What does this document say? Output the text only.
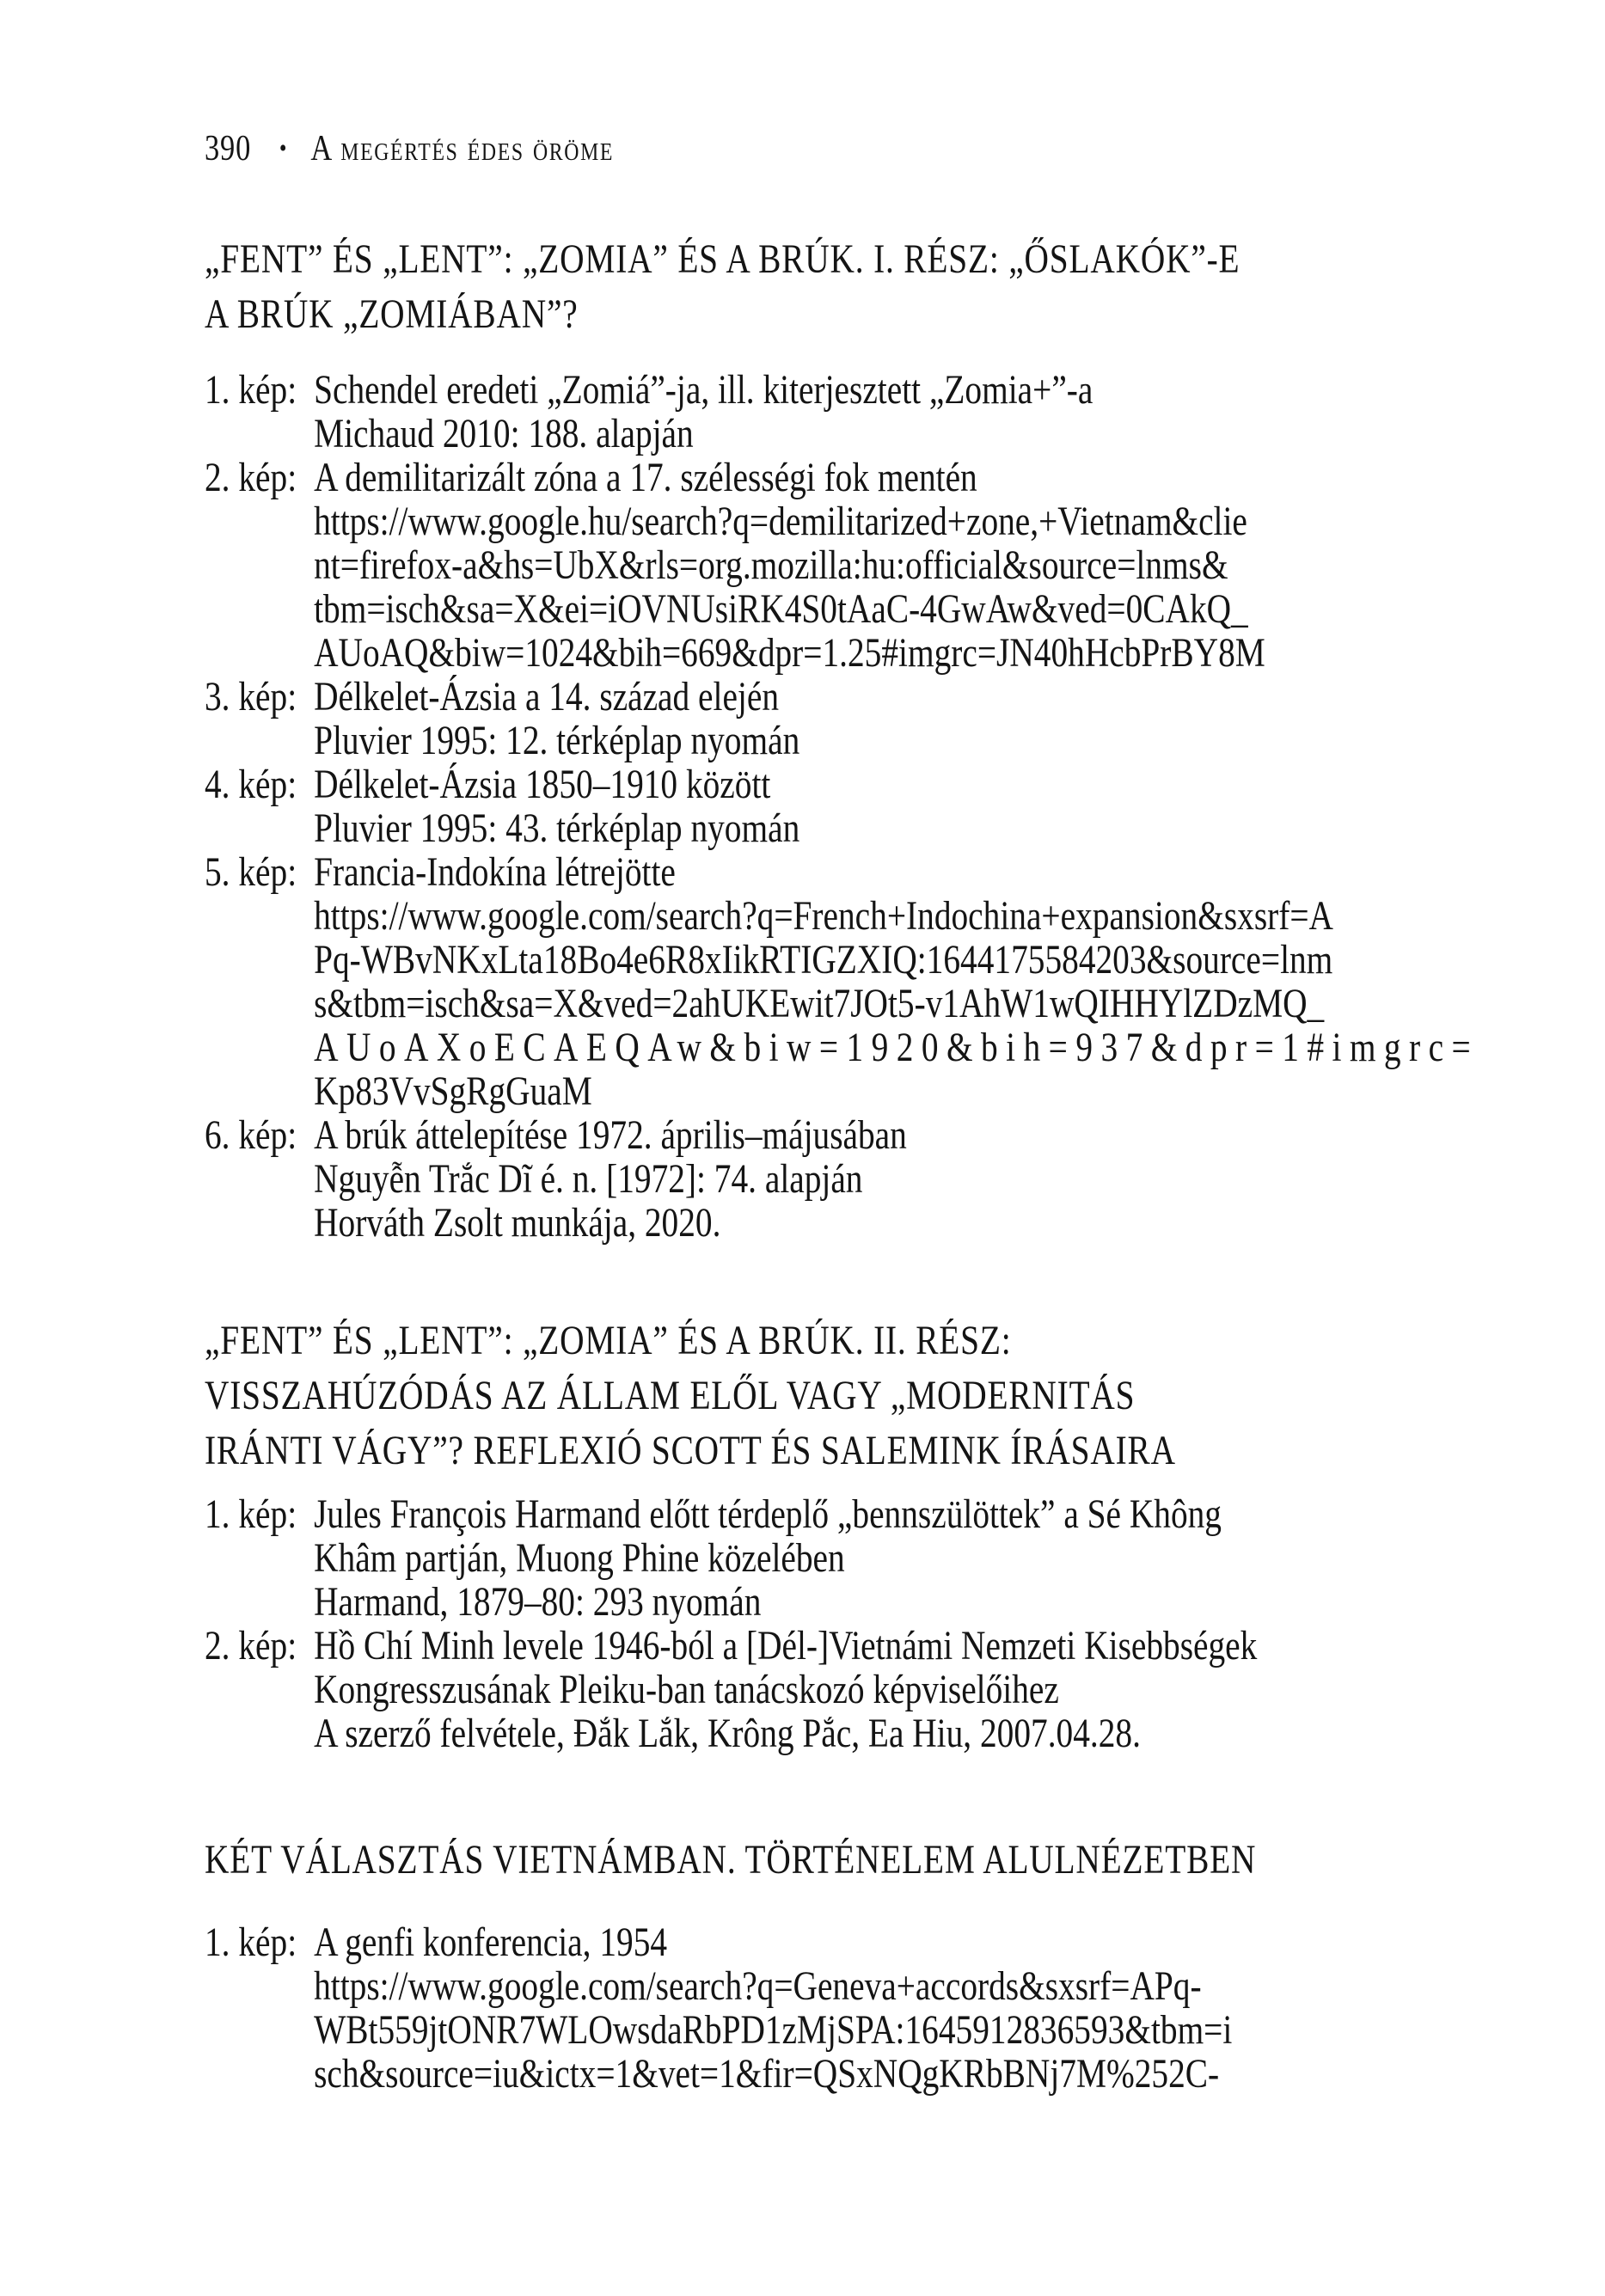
390 • A megértés édes öröme
„FENT” ÉS „LENT”: „ZOMIA” ÉS A BRÚK. I. RÉSZ: „ŐSLAKÓK”-E
A BRÚK „ZOMIÁBAN”?
1. kép: Schendel eredeti „Zomiá”-ja, ill. kiterjesztett „Zomia+”-a
Michaud 2010: 188. alapján
2. kép: A demilitarizált zóna a 17. szélességi fok mentén
https://www.google.hu/search?q=demilitarized+zone,+Vietnam&clie
nt=firefox-a&hs=UbX&rls=org.mozilla:hu:official&source=lnms&
tbm=isch&sa=X&ei=iOVNUsiRK4S0tAaC-4GwAw&ved=0CAkQ_
AUoAQ&biw=1024&bih=669&dpr=1.25#imgrc=JN40hHcbPrBY8M
3. kép: Délkelet-Ázsia a 14. század elején
Pluvier 1995: 12. térképlap nyomán
4. kép: Délkelet-Ázsia 1850–1910 között
Pluvier 1995: 43. térképlap nyomán
5. kép: Francia-Indokína létrejötte
https://www.google.com/search?q=French+Indochina+expansion&sxsrf=A
Pq-WBvNKxLta18Bo4e6R8xIikRTIGZXIQ:1644175584203&source=lnm
s&tbm=isch&sa=X&ved=2ahUKEwit7JOt5-v1AhW1wQIHHYlZDzMQ_
AUoAXoECAEQAw&biw=1920&bih=937&dpr=1#imgrc=
Kp83VvSgRgGuaM
6. kép: A brúk áttelepítése 1972. április–májusában
Nguyễn Trắc Dĩ é. n. [1972]: 74. alapján
Horváth Zsolt munkája, 2020.
„FENT” ÉS „LENT”: „ZOMIA” ÉS A BRÚK. II. RÉSZ:
VISSZAHÚZÓDÁS AZ ÁLLAM ELŐL VAGY „MODERNITÁS
IRÁNTI VÁGY”? REFLEXIÓ SCOTT ÉS SALEMINK ÍRÁSAIRA
1. kép: Jules François Harmand előtt térdeplő „bennszülöttek” a Sé Không
Khâm partján, Muong Phine közelében
Harmand, 1879–80: 293 nyomán
2. kép: Hồ Chí Minh levele 1946-ból a [Dél-]Vietnámi Nemzeti Kisebbségek
Kongresszusának Pleiku-ban tanácskozó képviselőihez
A szerző felvétele, Đắk Lắk, Krông Pắc, Ea Hiu, 2007.04.28.
KÉT VÁLASZTÁS VIETNÁMBAN. TÖRTÉNELEM ALULNÉZETBEN
1. kép: A genfi konferencia, 1954
https://www.google.com/search?q=Geneva+accords&sxsrf=APq-
WBt559jtONR7WLOwsdaRbPD1zMjSPA:1645912836593&tbm=i
sch&source=iu&ictx=1&vet=1&fir=QSxNQgKRbBNj7M%252C-
